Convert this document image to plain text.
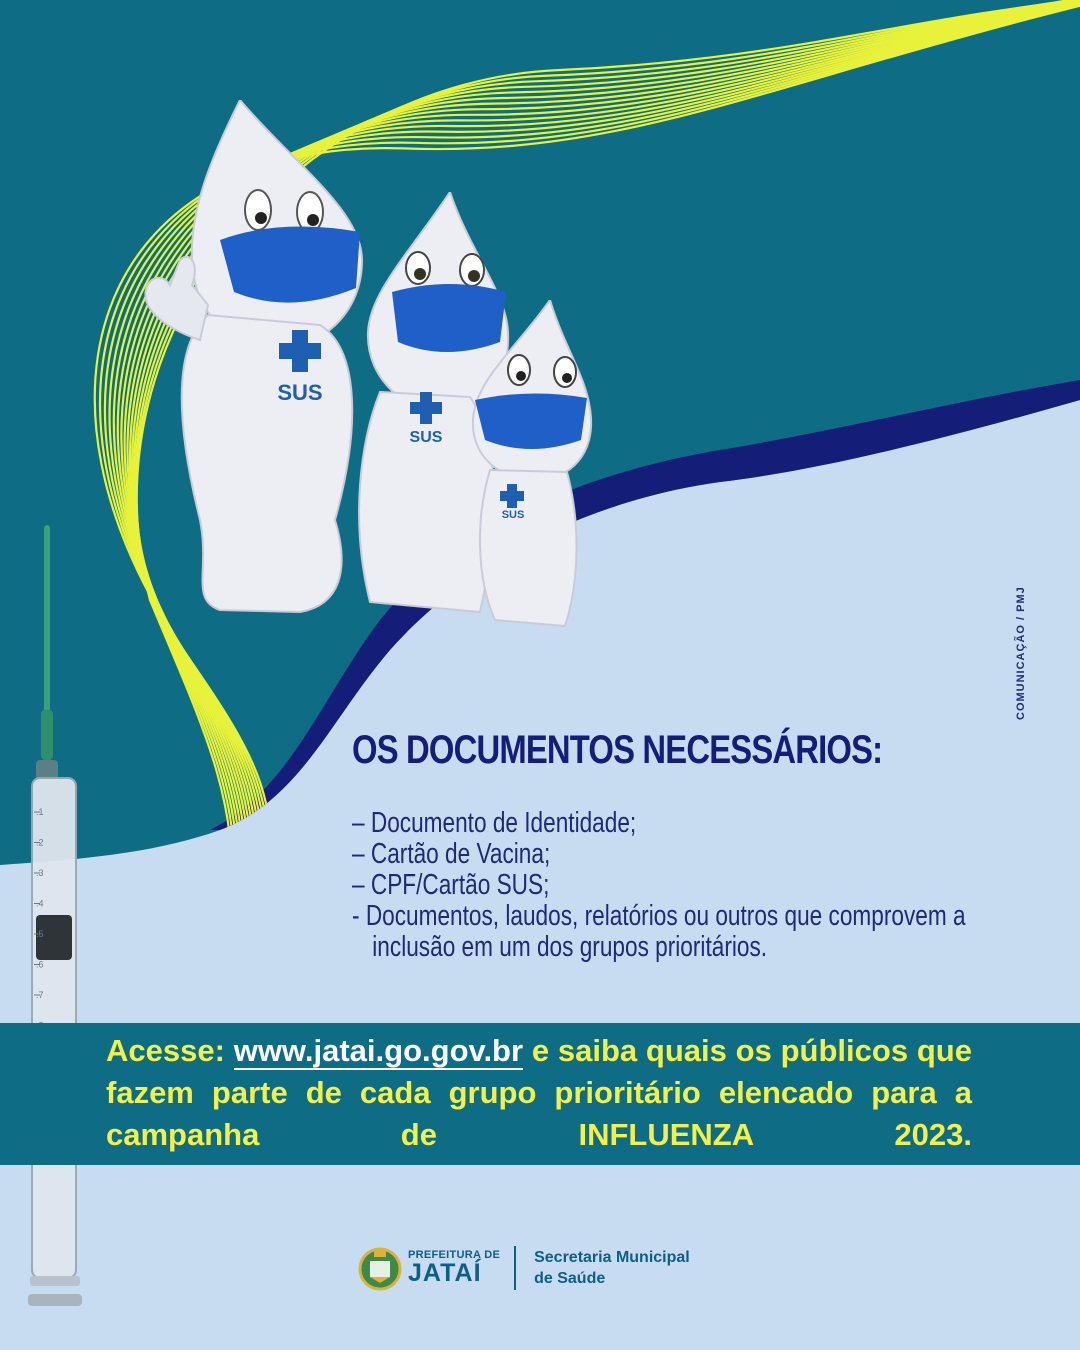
SUS
SUS
SUS
COMUNICAÇÃO / PMJ
.1
.2
.3
.4
.5
.6
.7
OS DOCUMENTOS NECESSÁRIOS:
– Documento de Identidade;
– Cartão de Vacina;
– CPF/Cartão SUS;
- Documentos, laudos, relatórios ou outros que comprovem a
inclusão em um dos grupos prioritários.
Acesse: www.jatai.go.gov.br e saiba quais os públicos que fazem parte de cada grupo prioritário elencado para a campanha de INFLUENZA 2023.
PREFEITURA DE
JATAÍ
Secretaria Municipal
de Saúde
